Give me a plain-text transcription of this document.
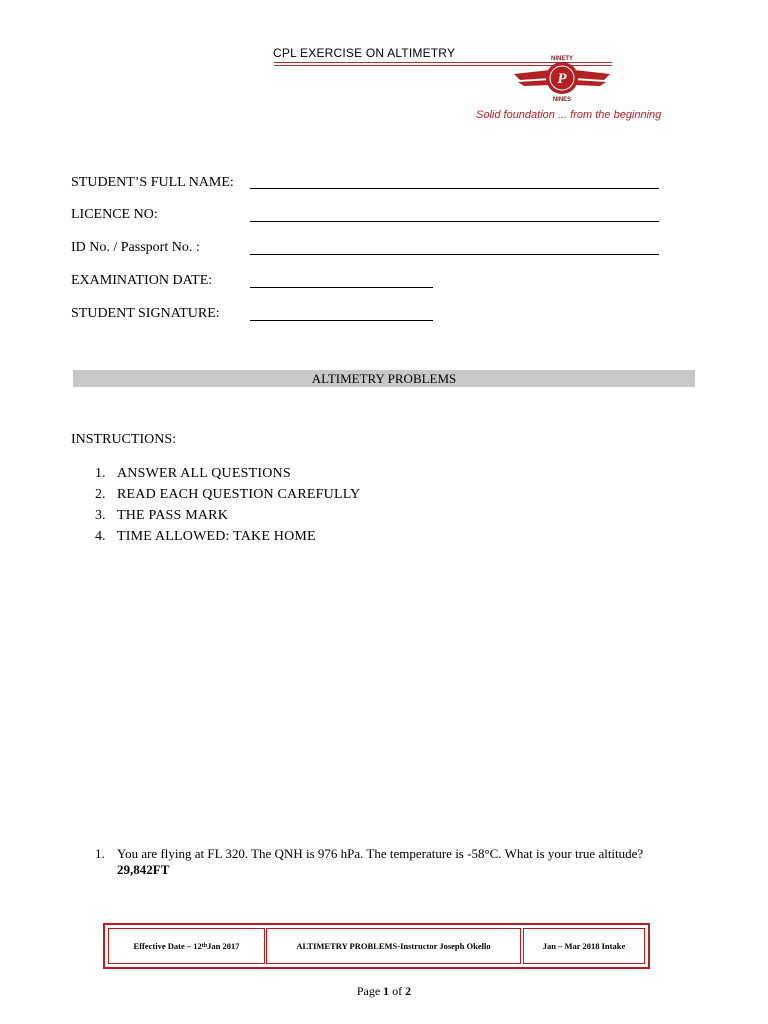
CPL EXERCISE ON ALTIMETRY
P
NINETY
NINES
Solid foundation ... from the beginning
STUDENT’S FULL NAME:
LICENCE NO:
ID No. / Passport No. :
EXAMINATION DATE:
STUDENT SIGNATURE:
ALTIMETRY PROBLEMS
INSTRUCTIONS:
1. ANSWER ALL QUESTIONS
2. READ EACH QUESTION CAREFULLY
3. THE PASS MARK
4. TIME ALLOWED: TAKE HOME
1. You are flying at FL 320. The QNH is 976 hPa. The temperature is -58°C. What is your true altitude?
29,842FT
Effective Date – 12 th Jan 2017	ALTIMETRY PROBLEMS-Instructor Joseph Okello	Jan – Mar 2018 Intake
Page 1 of 2
